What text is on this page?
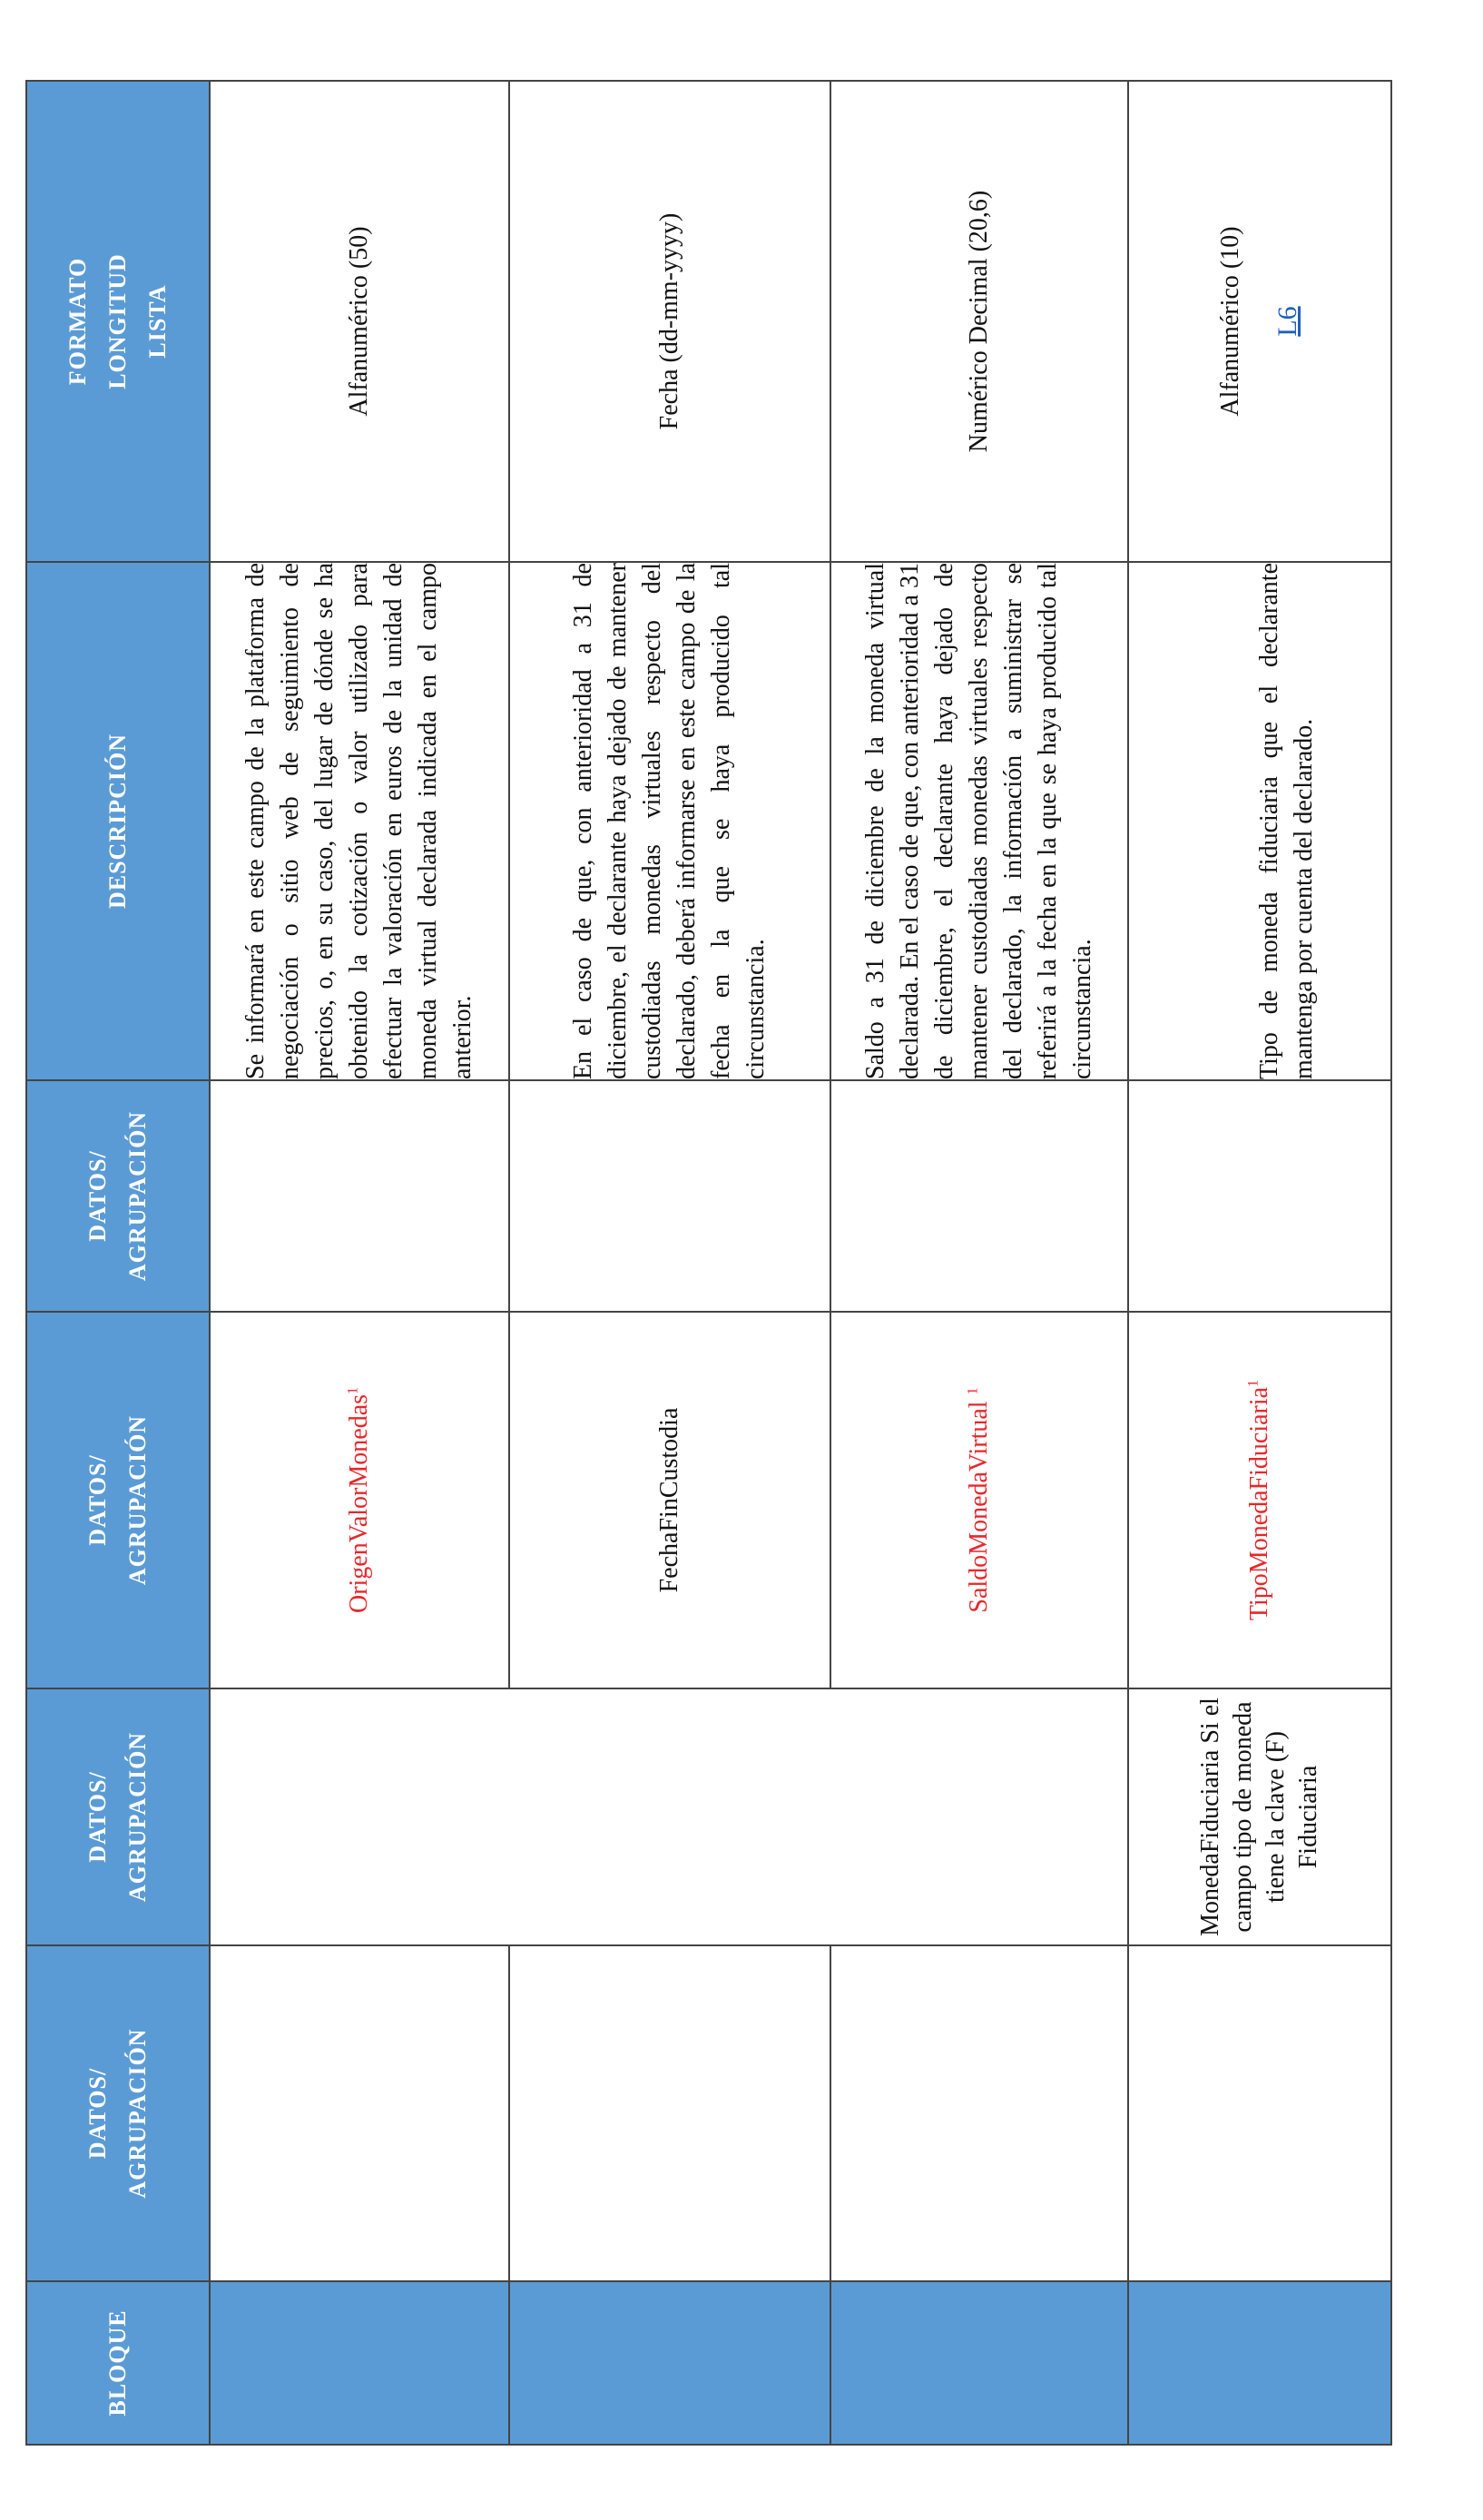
BLOQUE	DATOS/ AGRUPACIÓN	DATOS/ AGRUPACIÓN	DATOS/ AGRUPACIÓN	DATOS/ AGRUPACIÓN	DESCRIPCIÓN	FORMATO LONGITUD LISTA

			OrigenValorMonedas$^1$		Se informará en este campo de la plataforma de negociación o sitio web de seguimiento de precios, o, en su caso, del lugar de dónde se ha obtenido la cotización o valor utilizado para efectuar la valoración en euros de la unidad de moneda virtual declarada indicada en el campo anterior.	Alfanumérico (50)
			FechaFinCustodia		En el caso de que, con anterioridad a 31 de diciembre, el declarante haya dejado de mantener custodiadas monedas virtuales respecto del declarado, deberá informarse en este campo de la fecha en la que se haya producido tal circunstancia.	Fecha (dd-mm-yyyy)
			SaldoMonedaVirtual $^1$		Saldo a 31 de diciembre de la moneda virtual declarada. En el caso de que, con anterioridad a 31 de diciembre, el declarante haya dejado de mantener custodiadas monedas virtuales respecto del declarado, la información a suministrar se referirá a la fecha en la que se haya producido tal circunstancia.	Numérico Decimal (20,6)
		MonedaFiduciaria Si el campo tipo de moneda tiene la clave (F) Fiduciaria	TipoMonedaFiduciaria$^1$		Tipo de moneda fiduciaria que el declarante mantenga por cuenta del declarado.	Alfanumérico (10) L6
